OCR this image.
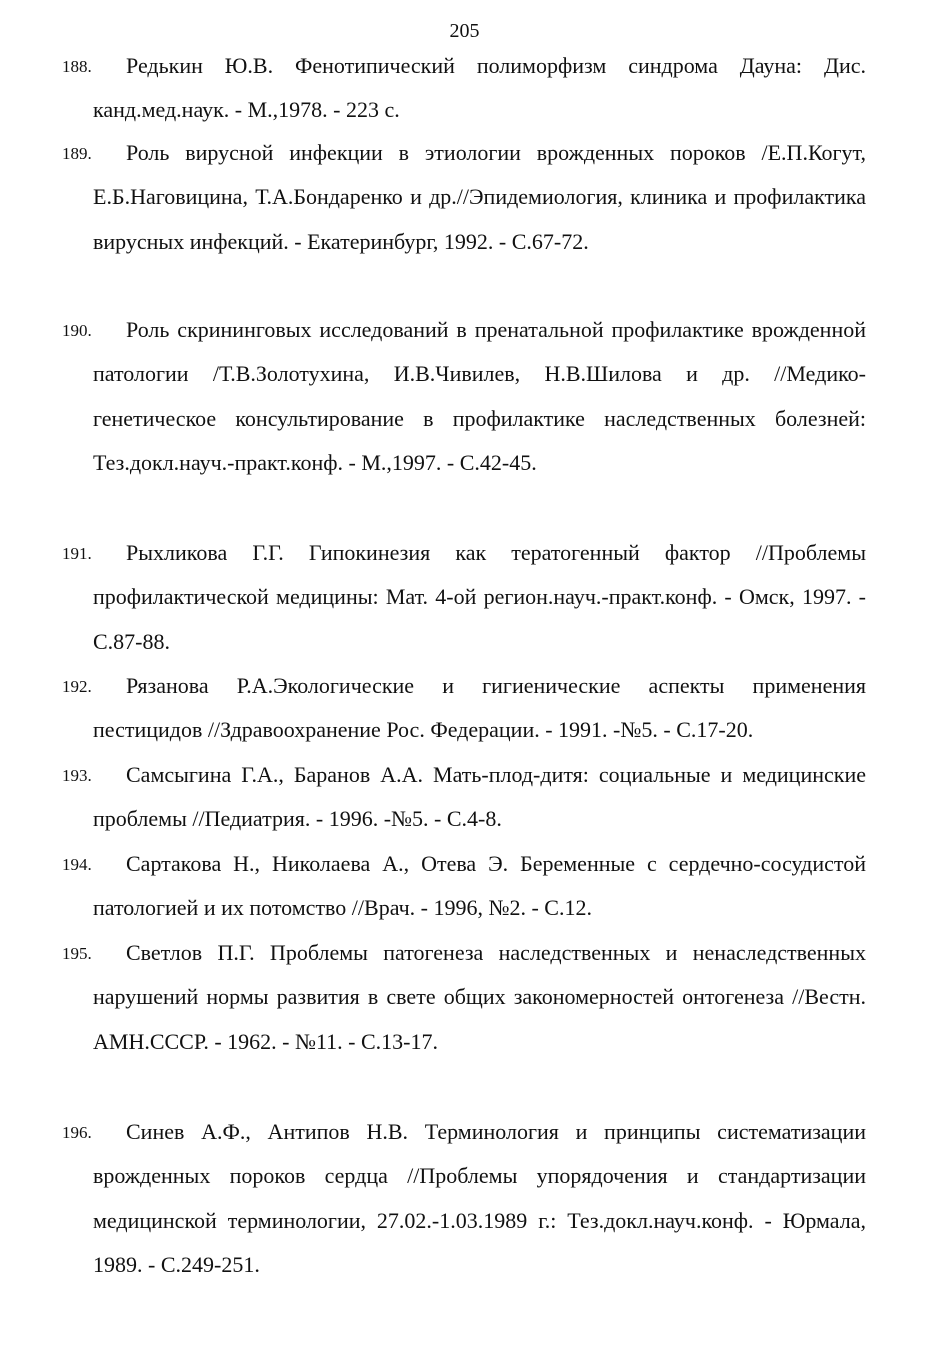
205
188.	Редькин Ю.В. Фенотипический полиморфизм синдрома Дауна: Дис. канд.мед.наук. - М.,1978. - 223 с.
189.	Роль вирусной инфекции в этиологии врожденных пороков /Е.П.Когут, Е.Б.Наговицина, Т.А.Бондаренко и др.//Эпидемиология, клиника и профилактика вирусных инфекций. - Екатеринбург, 1992. - С.67-72.
190.	Роль скрининговых исследований в пренатальной профилактике врожденной патологии /Т.В.Золотухина, И.В.Чивилев, Н.В.Шилова и др. //Медико-генетическое консультирование в профилактике наследственных болезней: Тез.докл.науч.-практ.конф. - М.,1997. - С.42-45.
191.	Рыхликова Г.Г. Гипокинезия как тератогенный фактор //Проблемы профилактической медицины: Мат. 4-ой регион.науч.-практ.конф. - Омск, 1997. - С.87-88.
192.	Рязанова Р.А.Экологические и гигиенические аспекты применения пестицидов //Здравоохранение Рос. Федерации. - 1991. -№5. - С.17-20.
193.	Самсыгина Г.А., Баранов А.А. Мать-плод-дитя: социальные и медицинские проблемы //Педиатрия. - 1996. -№5. - С.4-8.
194.	Сартакова Н., Николаева А., Отева Э. Беременные с сердечно-сосудистой патологией и их потомство //Врач. - 1996, №2. - С.12.
195.	Светлов П.Г. Проблемы патогенеза наследственных и ненаследственных нарушений нормы развития в свете общих закономерностей онтогенеза //Вестн. АМН.СССР. - 1962. - №11. - С.13-17.
196.	Синев А.Ф., Антипов Н.В. Терминология и принципы систематизации врожденных пороков сердца //Проблемы упорядочения и стандартизации медицинской терминологии, 27.02.-1.03.1989 г.: Тез.докл.науч.конф. - Юрмала, 1989. - С.249-251.
